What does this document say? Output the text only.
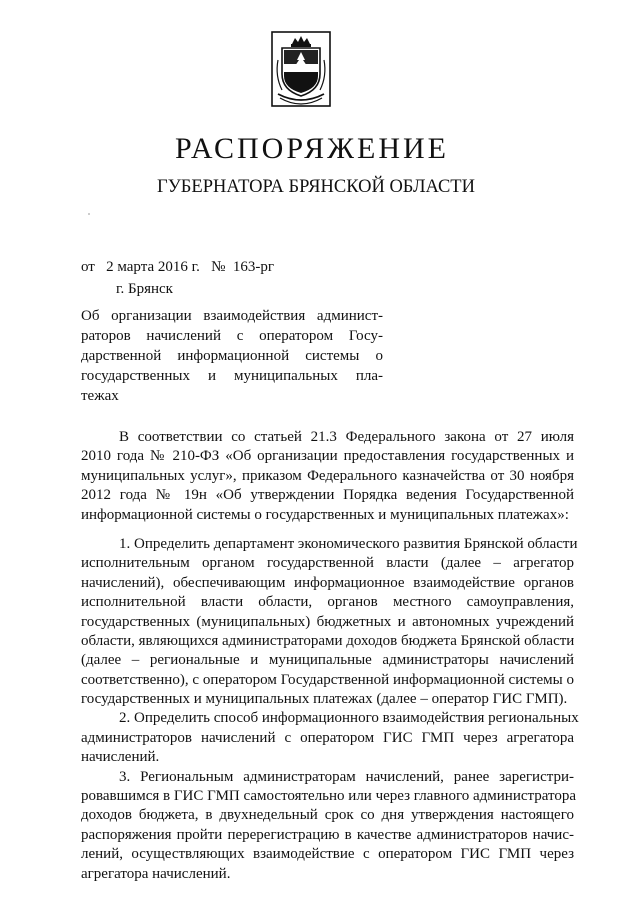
РАСПОРЯЖЕНИЕ
ГУБЕРНАТОРА БРЯНСКОЙ ОБЛАСТИ
от   2 марта 2016 г.   №  163-рг
г. Брянск
Об организации взаимодействия админист-
раторов начислений с оператором Госу-
дарственной информационной системы о
государственных и муниципальных пла-
тежах
В соответствии со статьей 21.3 Федерального закона от 27 июля
2010 года № 210-ФЗ «Об организации предоставления государственных и
муниципальных услуг», приказом Федерального казначейства от 30 ноября
2012 года № 19н «Об утверждении Порядка ведения Государственной
информационной системы о государственных и муниципальных платежах»:
1. Определить департамент экономического развития Брянской области
исполнительным органом государственной власти (далее – агрегатор
начислений), обеспечивающим информационное взаимодействие органов
исполнительной власти области, органов местного самоуправления,
государственных (муниципальных) бюджетных и автономных учреждений
области, являющихся администраторами доходов бюджета Брянской области
(далее – региональные и муниципальные администраторы начислений
соответственно), с оператором Государственной информационной системы о
государственных и муниципальных платежах (далее – оператор ГИС ГМП).
2. Определить способ информационного взаимодействия региональных
администраторов начислений с оператором ГИС ГМП через агрегатора
начислений.
3. Региональным администраторам начислений, ранее зарегистри-
ровавшимся в ГИС ГМП самостоятельно или через главного администратора
доходов бюджета, в двухнедельный срок со дня утверждения настоящего
распоряжения пройти перерегистрацию в качестве администраторов начис-
лений, осуществляющих взаимодействие с оператором ГИС ГМП через
агрегатора начислений.
